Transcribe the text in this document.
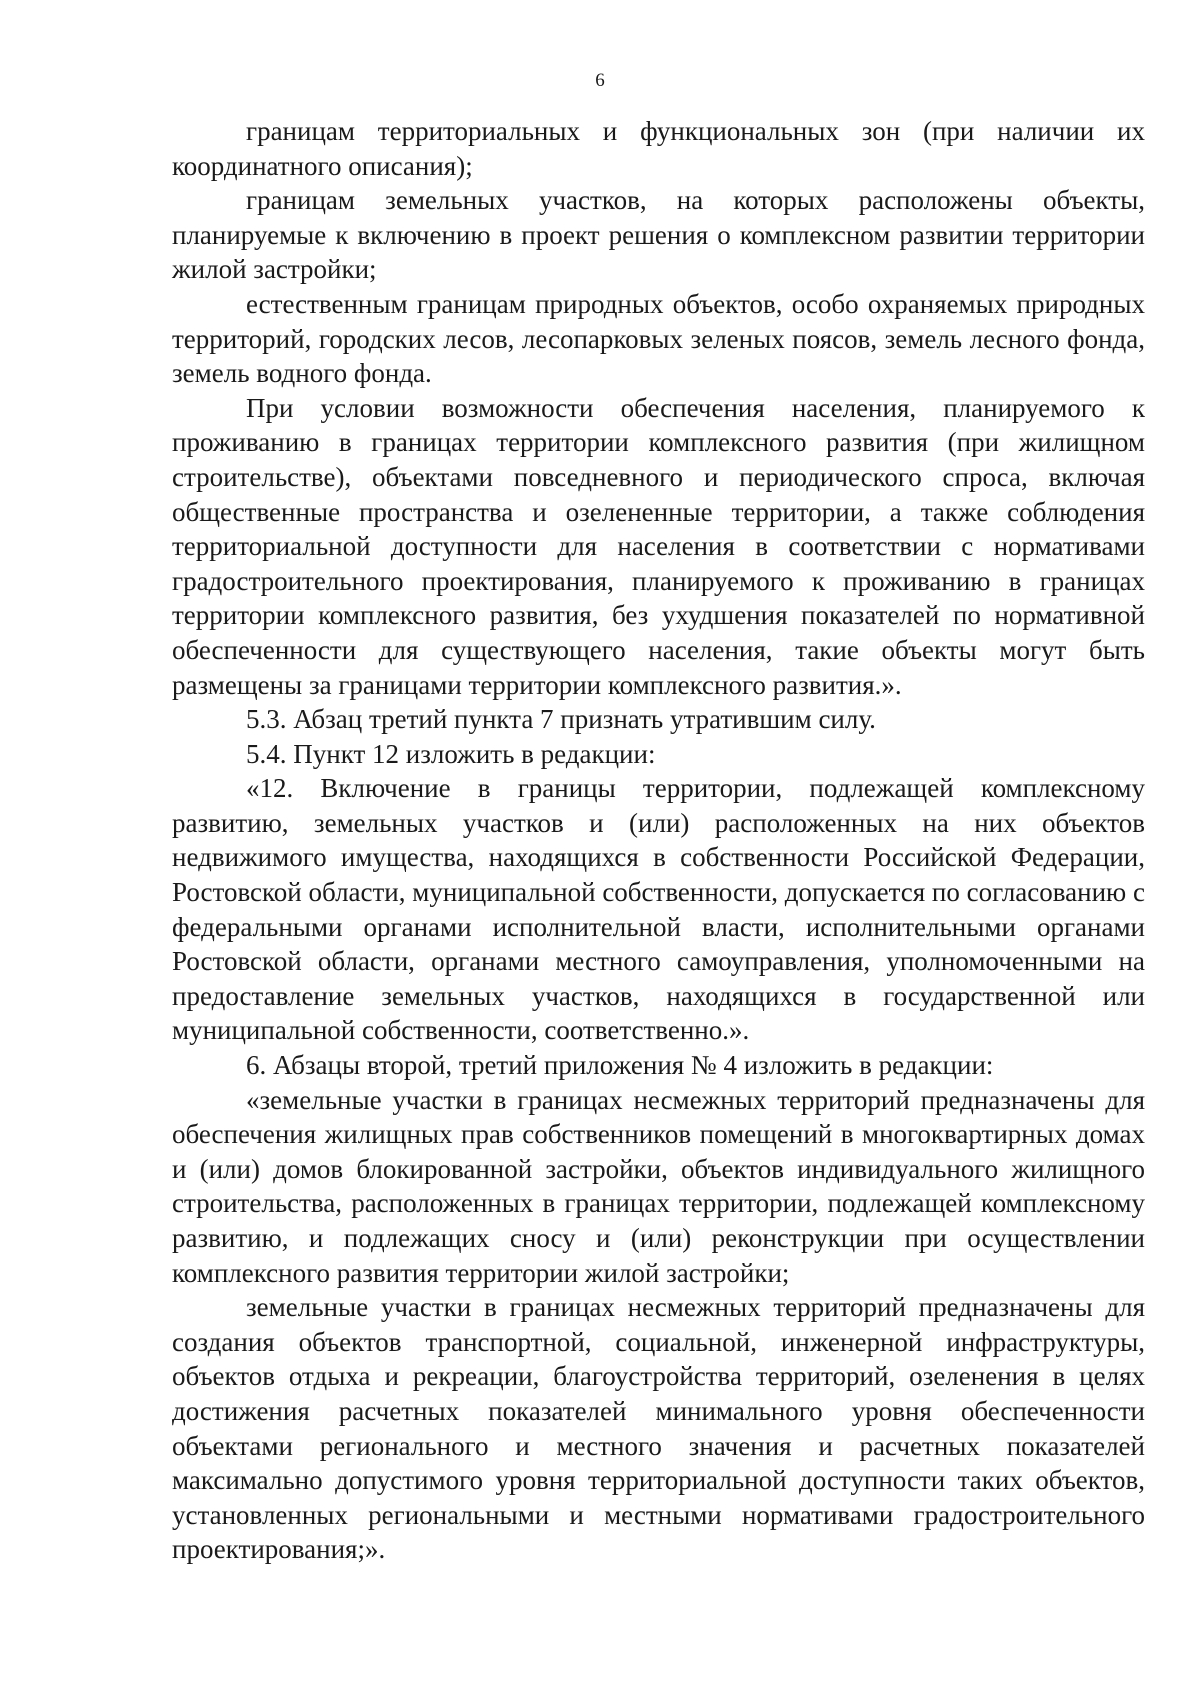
6

границам территориальных и функциональных зон (при наличии их координатного описания);

границам земельных участков, на которых расположены объекты, планируемые к включению в проект решения о комплексном развитии территории жилой застройки;

естественным границам природных объектов, особо охраняемых природных территорий, городских лесов, лесопарковых зеленых поясов, земель лесного фонда, земель водного фонда.

При условии возможности обеспечения населения, планируемого к проживанию в границах территории комплексного развития (при жилищном строительстве), объектами повседневного и периодического спроса, включая общественные пространства и озелененные территории, а также соблюдения территориальной доступности для населения в соответствии с нормативами градостроительного проектирования, планируемого к проживанию в границах территории комплексного развития, без ухудшения показателей по нормативной обеспеченности для существующего населения, такие объекты могут быть размещены за границами территории комплексного развития.».

5.3. Абзац третий пункта 7 признать утратившим силу.

5.4. Пункт 12 изложить в редакции:

«12. Включение в границы территории, подлежащей комплексному развитию, земельных участков и (или) расположенных на них объектов недвижимого имущества, находящихся в собственности Российской Федерации, Ростовской области, муниципальной собственности, допускается по согласованию с федеральными органами исполнительной власти, исполнительными органами Ростовской области, органами местного самоуправления, уполномоченными на предоставление земельных участков, находящихся в государственной или муниципальной собственности, соответственно.».

6. Абзацы второй, третий приложения № 4 изложить в редакции:

«земельные участки в границах несмежных территорий предназначены для обеспечения жилищных прав собственников помещений в многоквартирных домах и (или) домов блокированной застройки, объектов индивидуального жилищного строительства, расположенных в границах территории, подлежащей комплексному развитию, и подлежащих сносу и (или) реконструкции при осуществлении комплексного развития территории жилой застройки;

земельные участки в границах несмежных территорий предназначены для создания объектов транспортной, социальной, инженерной инфраструктуры, объектов отдыха и рекреации, благоустройства территорий, озеленения в целях достижения расчетных показателей минимального уровня обеспеченности объектами регионального и местного значения и расчетных показателей максимально допустимого уровня территориальной доступности таких объектов, установленных региональными и местными нормативами градостроительного проектирования;».
